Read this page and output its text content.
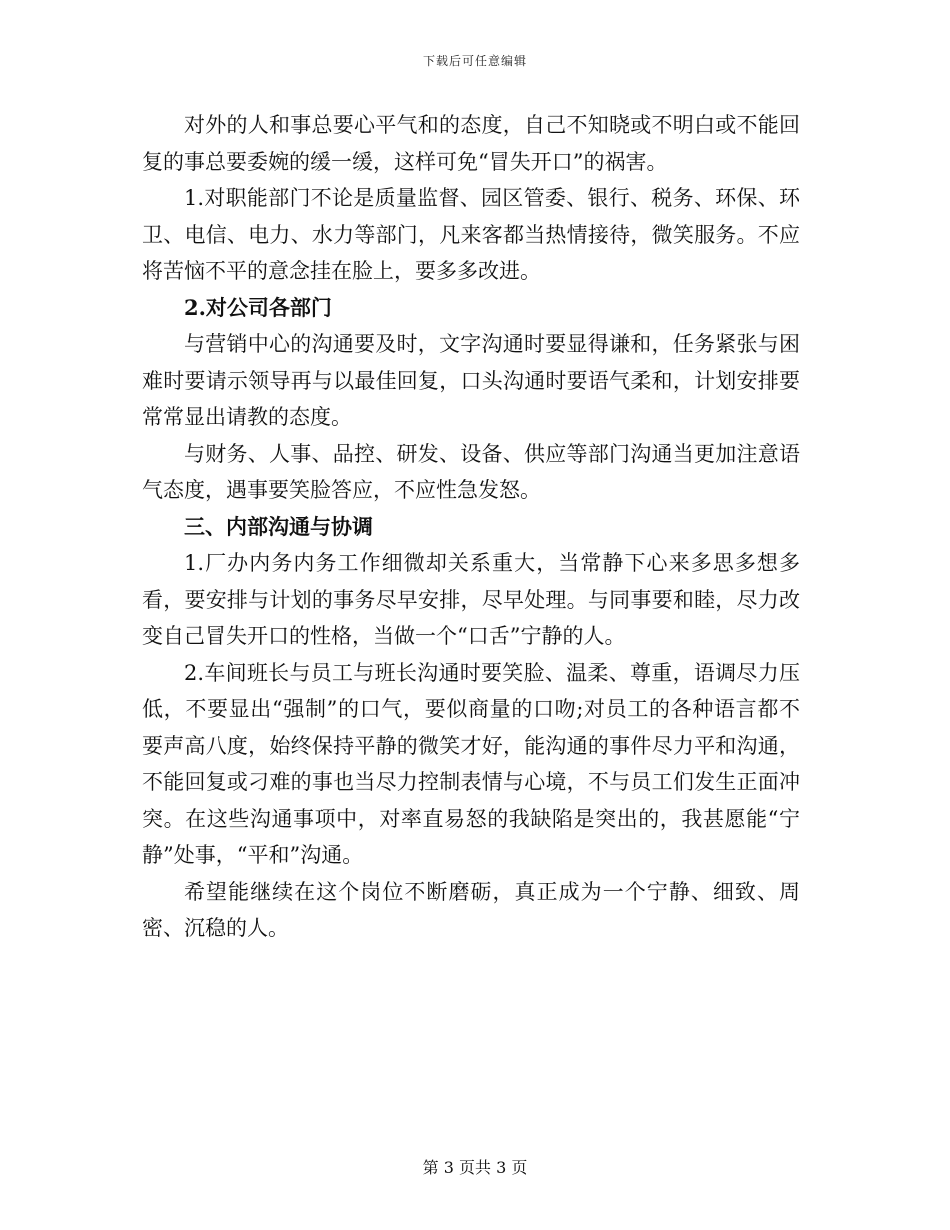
下载后可任意编辑

对外的人和事总要心平气和的态度，自己不知晓或不明白或不能回复的事总要委婉的缓一缓，这样可免“冒失开口”的祸害。

1.对职能部门不论是质量监督、园区管委、银行、税务、环保、环卫、电信、电力、水力等部门，凡来客都当热情接待，微笑服务。不应将苦恼不平的意念挂在脸上，要多多改进。

2.对公司各部门

与营销中心的沟通要及时，文字沟通时要显得谦和，任务紧张与困难时要请示领导再与以最佳回复，口头沟通时要语气柔和，计划安排要常常显出请教的态度。

与财务、人事、品控、研发、设备、供应等部门沟通当更加注意语气态度，遇事要笑脸答应，不应性急发怒。

三、内部沟通与协调

1.厂办内务内务工作细微却关系重大，当常静下心来多思多想多看，要安排与计划的事务尽早安排，尽早处理。与同事要和睦，尽力改变自己冒失开口的性格，当做一个“口舌”宁静的人。

2.车间班长与员工与班长沟通时要笑脸、温柔、尊重，语调尽力压低，不要显出“强制”的口气，要似商量的口吻;对员工的各种语言都不要声高八度，始终保持平静的微笑才好，能沟通的事件尽力平和沟通，不能回复或刁难的事也当尽力控制表情与心境，不与员工们发生正面冲突。在这些沟通事项中，对率直易怒的我缺陷是突出的，我甚愿能“宁静”处事，“平和”沟通。

希望能继续在这个岗位不断磨砺，真正成为一个宁静、细致、周密、沉稳的人。

第 3 页共 3 页
